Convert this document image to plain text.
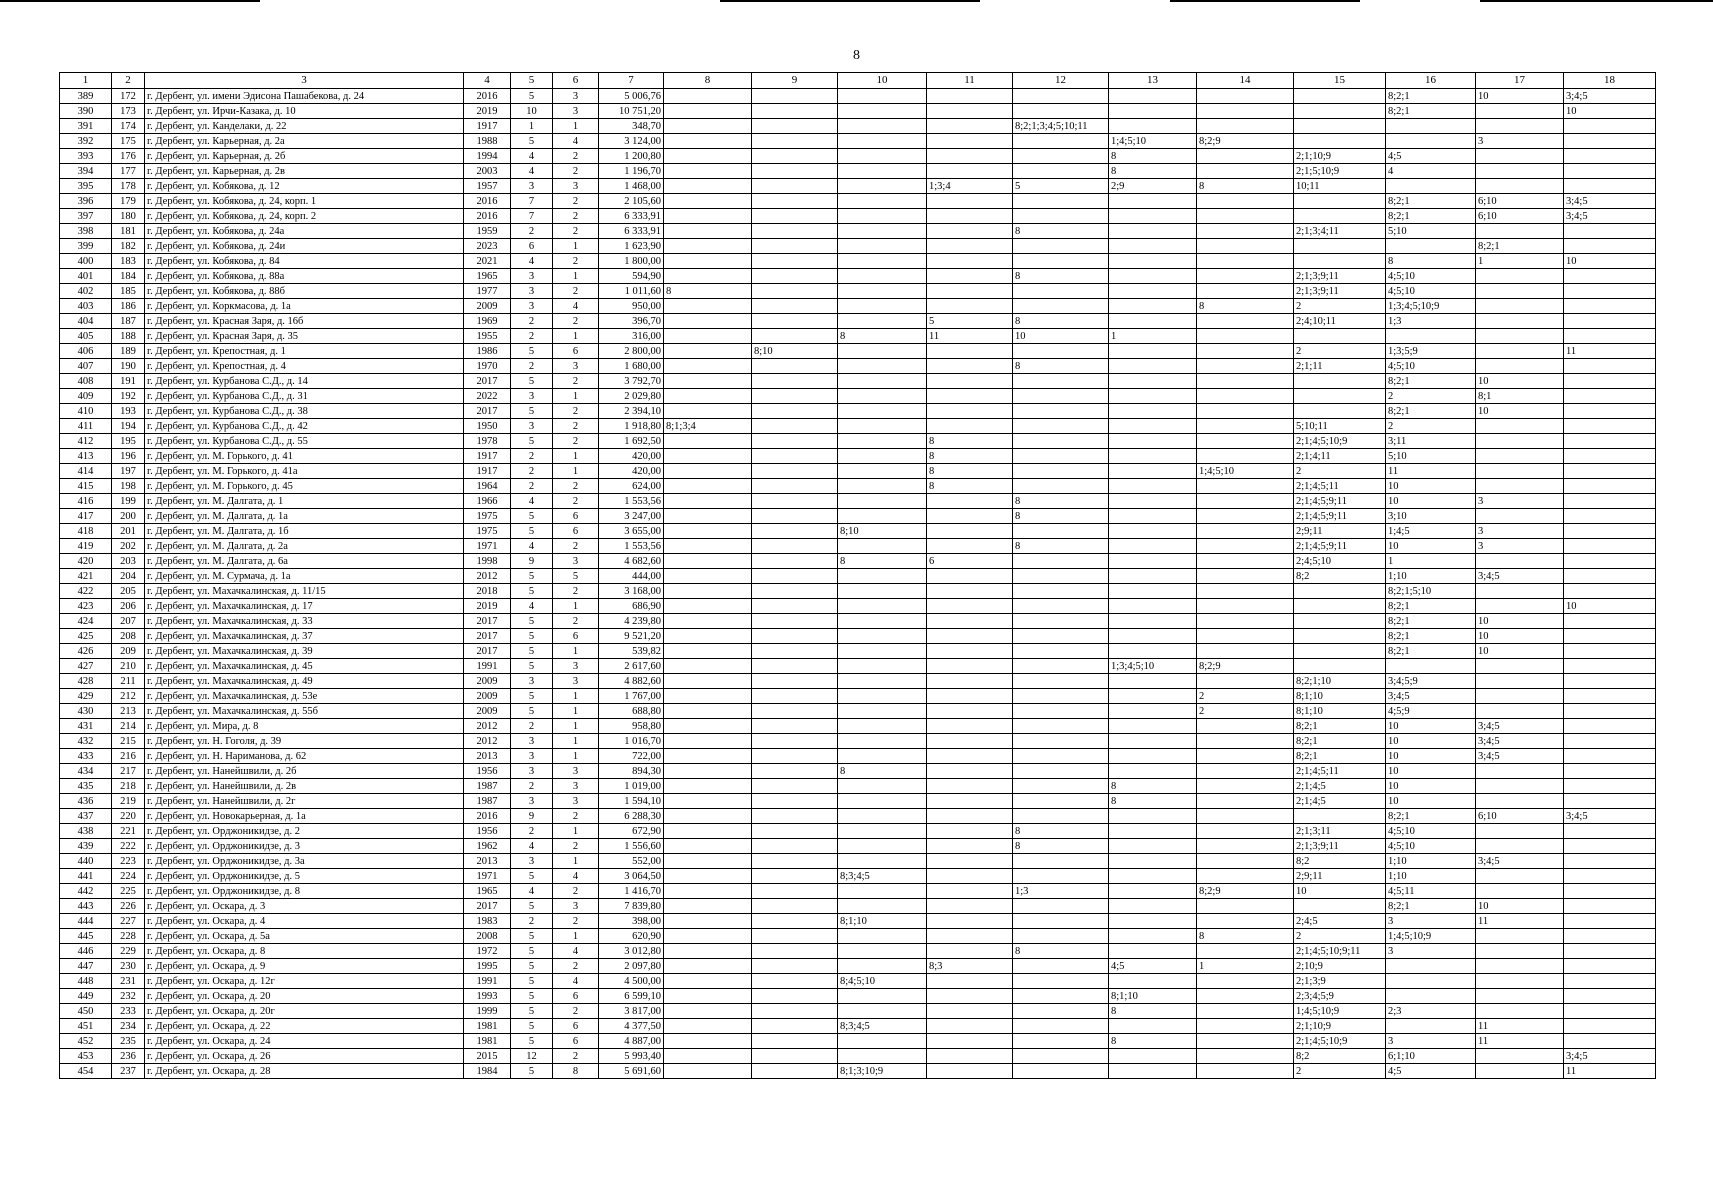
8
1	2	3	4	5	6	7	8	9	10	11	12	13	14	15	16	17	18
389	172	г. Дербент, ул. имени Эдисона Пашабекова, д. 24	2016	5	3	5 006,76									8;2;1	10	3;4;5
390	173	г. Дербент, ул. Ирчи-Казака, д. 10	2019	10	3	10 751,20									8;2;1		10
391	174	г. Дербент, ул. Канделаки, д. 22	1917	1	1	348,70					8;2;1;3;4;5;10;11						
392	175	г. Дербент, ул. Карьерная, д. 2а	1988	5	4	3 124,00						1;4;5;10	8;2;9			3	
393	176	г. Дербент, ул. Карьерная, д. 2б	1994	4	2	1 200,80						8		2;1;10;9	4;5		
394	177	г. Дербент, ул. Карьерная, д. 2в	2003	4	2	1 196,70						8		2;1;5;10;9	4		
395	178	г. Дербент, ул. Кобякова, д. 12	1957	3	3	1 468,00				1;3;4	5	2;9	8	10;11			
396	179	г. Дербент, ул. Кобякова, д. 24, корп. 1	2016	7	2	2 105,60									8;2;1	6;10	3;4;5
397	180	г. Дербент, ул. Кобякова, д. 24, корп. 2	2016	7	2	6 333,91									8;2;1	6;10	3;4;5
398	181	г. Дербент, ул. Кобякова, д. 24а	1959	2	2	6 333,91					8			2;1;3;4;11	5;10		
399	182	г. Дербент, ул. Кобякова, д. 24и	2023	6	1	1 623,90										8;2;1	
400	183	г. Дербент, ул. Кобякова, д. 84	2021	4	2	1 800,00									8	1	10
401	184	г. Дербент, ул. Кобякова, д. 88а	1965	3	1	594,90					8			2;1;3;9;11	4;5;10		
402	185	г. Дербент, ул. Кобякова, д. 88б	1977	3	2	1 011,60	8							2;1;3;9;11	4;5;10		
403	186	г. Дербент, ул. Коркмасова, д. 1а	2009	3	4	950,00							8	2	1;3;4;5;10;9		
404	187	г. Дербент, ул. Красная Заря, д. 16б	1969	2	2	396,70				5	8			2;4;10;11	1;3		
405	188	г. Дербент, ул. Красная Заря, д. 35	1955	2	1	316,00			8	11	10	1					
406	189	г. Дербент, ул. Крепостная, д. 1	1986	5	6	2 800,00		8;10						2	1;3;5;9		11
407	190	г. Дербент, ул. Крепостная, д. 4	1970	2	3	1 680,00					8			2;1;11	4;5;10		
408	191	г. Дербент, ул. Курбанова С.Д., д. 14	2017	5	2	3 792,70									8;2;1	10	
409	192	г. Дербент, ул. Курбанова С.Д., д. 31	2022	3	1	2 029,80									2	8;1	
410	193	г. Дербент, ул. Курбанова С.Д., д. 38	2017	5	2	2 394,10									8;2;1	10	
411	194	г. Дербент, ул. Курбанова С.Д., д. 42	1950	3	2	1 918,80	8;1;3;4							5;10;11	2		
412	195	г. Дербент, ул. Курбанова С.Д., д. 55	1978	5	2	1 692,50				8				2;1;4;5;10;9	3;11		
413	196	г. Дербент, ул. М. Горького, д. 41	1917	2	1	420,00				8				2;1;4;11	5;10		
414	197	г. Дербент, ул. М. Горького, д. 41а	1917	2	1	420,00				8			1;4;5;10	2	11		
415	198	г. Дербент, ул. М. Горького, д. 45	1964	2	2	624,00				8				2;1;4;5;11	10		
416	199	г. Дербент, ул. М. Далгата, д. 1	1966	4	2	1 553,56					8			2;1;4;5;9;11	10	3	
417	200	г. Дербент, ул. М. Далгата, д. 1а	1975	5	6	3 247,00					8			2;1;4;5;9;11	3;10		
418	201	г. Дербент, ул. М. Далгата, д. 1б	1975	5	6	3 655,00			8;10					2;9;11	1;4;5	3	
419	202	г. Дербент, ул. М. Далгата, д. 2а	1971	4	2	1 553,56					8			2;1;4;5;9;11	10	3	
420	203	г. Дербент, ул. М. Далгата, д. 6а	1998	9	3	4 682,60			8	6				2;4;5;10	1		
421	204	г. Дербент, ул. М. Сурмача, д. 1а	2012	5	5	444,00								8;2	1;10	3;4;5	
422	205	г. Дербент, ул. Махачкалинская, д. 11/15	2018	5	2	3 168,00									8;2;1;5;10		
423	206	г. Дербент, ул. Махачкалинская, д. 17	2019	4	1	686,90									8;2;1		10
424	207	г. Дербент, ул. Махачкалинская, д. 33	2017	5	2	4 239,80									8;2;1	10	
425	208	г. Дербент, ул. Махачкалинская, д. 37	2017	5	6	9 521,20									8;2;1	10	
426	209	г. Дербент, ул. Махачкалинская, д. 39	2017	5	1	539,82									8;2;1	10	
427	210	г. Дербент, ул. Махачкалинская, д. 45	1991	5	3	2 617,60						1;3;4;5;10	8;2;9				
428	211	г. Дербент, ул. Махачкалинская, д. 49	2009	3	3	4 882,60								8;2;1;10	3;4;5;9		
429	212	г. Дербент, ул. Махачкалинская, д. 53е	2009	5	1	1 767,00							2	8;1;10	3;4;5		
430	213	г. Дербент, ул. Махачкалинская, д. 55б	2009	5	1	688,80							2	8;1;10	4;5;9		
431	214	г. Дербент, ул. Мира, д. 8	2012	2	1	958,80								8;2;1	10	3;4;5	
432	215	г. Дербент, ул. Н. Гоголя, д. 39	2012	3	1	1 016,70								8;2;1	10	3;4;5	
433	216	г. Дербент, ул. Н. Нариманова, д. 62	2013	3	1	722,00								8;2;1	10	3;4;5	
434	217	г. Дербент, ул. Нанейшвили, д. 2б	1956	3	3	894,30			8					2;1;4;5;11	10		
435	218	г. Дербент, ул. Нанейшвили, д. 2в	1987	2	3	1 019,00						8		2;1;4;5	10		
436	219	г. Дербент, ул. Нанейшвили, д. 2г	1987	3	3	1 594,10						8		2;1;4;5	10		
437	220	г. Дербент, ул. Новокарьерная, д. 1а	2016	9	2	6 288,30									8;2;1	6;10	3;4;5
438	221	г. Дербент, ул. Орджоникидзе, д. 2	1956	2	1	672,90					8			2;1;3;11	4;5;10		
439	222	г. Дербент, ул. Орджоникидзе, д. 3	1962	4	2	1 556,60					8			2;1;3;9;11	4;5;10		
440	223	г. Дербент, ул. Орджоникидзе, д. 3а	2013	3	1	552,00								8;2	1;10	3;4;5	
441	224	г. Дербент, ул. Орджоникидзе, д. 5	1971	5	4	3 064,50			8;3;4;5					2;9;11	1;10		
442	225	г. Дербент, ул. Орджоникидзе, д. 8	1965	4	2	1 416,70					1;3		8;2;9	10	4;5;11		
443	226	г. Дербент, ул. Оскара, д. 3	2017	5	3	7 839,80									8;2;1	10	
444	227	г. Дербент, ул. Оскара, д. 4	1983	2	2	398,00			8;1;10					2;4;5	3	11	
445	228	г. Дербент, ул. Оскара, д. 5а	2008	5	1	620,90							8	2	1;4;5;10;9		
446	229	г. Дербент, ул. Оскара, д. 8	1972	5	4	3 012,80					8			2;1;4;5;10;9;11	3		
447	230	г. Дербент, ул. Оскара, д. 9	1995	5	2	2 097,80				8;3		4;5	1	2;10;9			
448	231	г. Дербент, ул. Оскара, д. 12г	1991	5	4	4 500,00			8;4;5;10					2;1;3;9			
449	232	г. Дербент, ул. Оскара, д. 20	1993	5	6	6 599,10						8;1;10		2;3;4;5;9			
450	233	г. Дербент, ул. Оскара, д. 20г	1999	5	2	3 817,00						8		1;4;5;10;9	2;3		
451	234	г. Дербент, ул. Оскара, д. 22	1981	5	6	4 377,50			8;3;4;5					2;1;10;9		11	
452	235	г. Дербент, ул. Оскара, д. 24	1981	5	6	4 887,00						8		2;1;4;5;10;9	3	11	
453	236	г. Дербент, ул. Оскара, д. 26	2015	12	2	5 993,40								8;2	6;1;10		3;4;5
454	237	г. Дербент, ул. Оскара, д. 28	1984	5	8	5 691,60			8;1;3;10;9					2	4;5		11
